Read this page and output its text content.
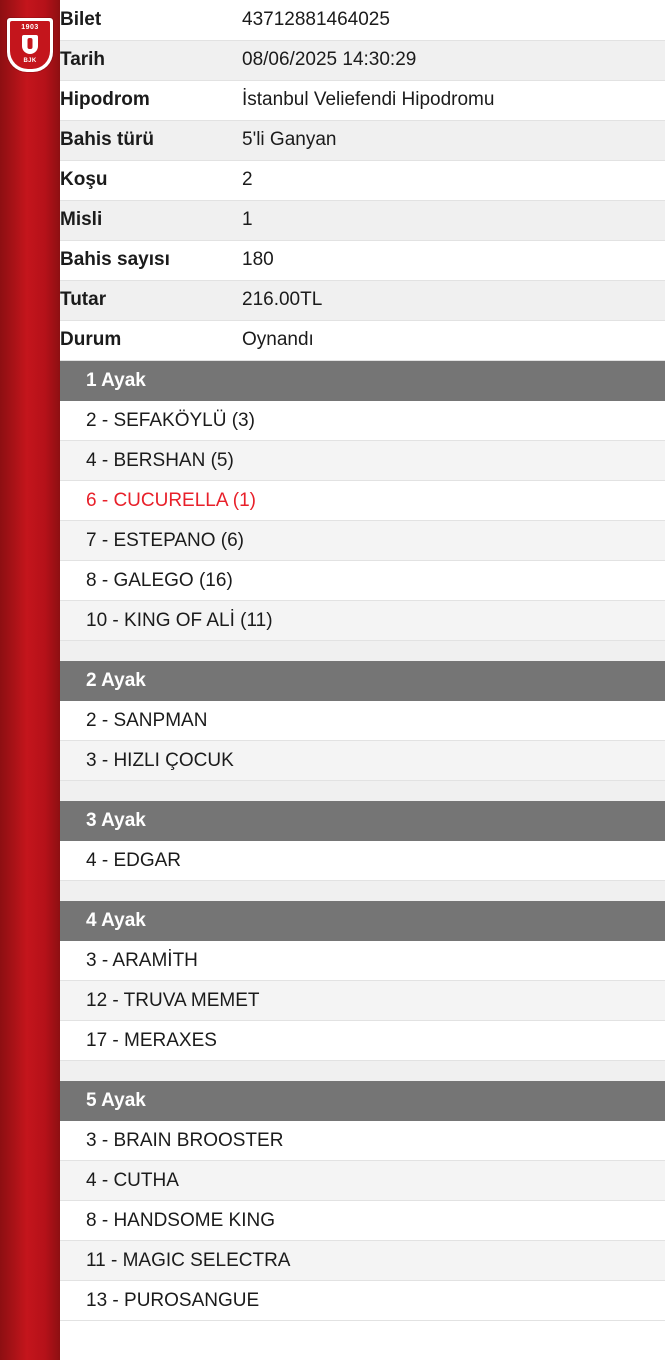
1903
BJK
Bilet	43712881464025
Tarih	08/06/2025 14:30:29
Hipodrom	İstanbul Veliefendi Hipodromu
Bahis türü	5'li Ganyan
Koşu	2
Misli	1
Bahis sayısı	180
Tutar	216.00TL
Durum	Oynandı
1 Ayak
2 - SEFAKÖYLÜ (3)
4 - BERSHAN (5)
6 - CUCURELLA (1)
7 - ESTEPANO (6)
8 - GALEGO (16)
10 - KING OF ALİ (11)
2 Ayak
2 - SANPMAN
3 - HIZLI ÇOCUK
3 Ayak
4 - EDGAR
4 Ayak
3 - ARAMİTH
12 - TRUVA MEMET
17 - MERAXES
5 Ayak
3 - BRAIN BROOSTER
4 - CUTHA
8 - HANDSOME KING
11 - MAGIC SELECTRA
13 - PUROSANGUE
